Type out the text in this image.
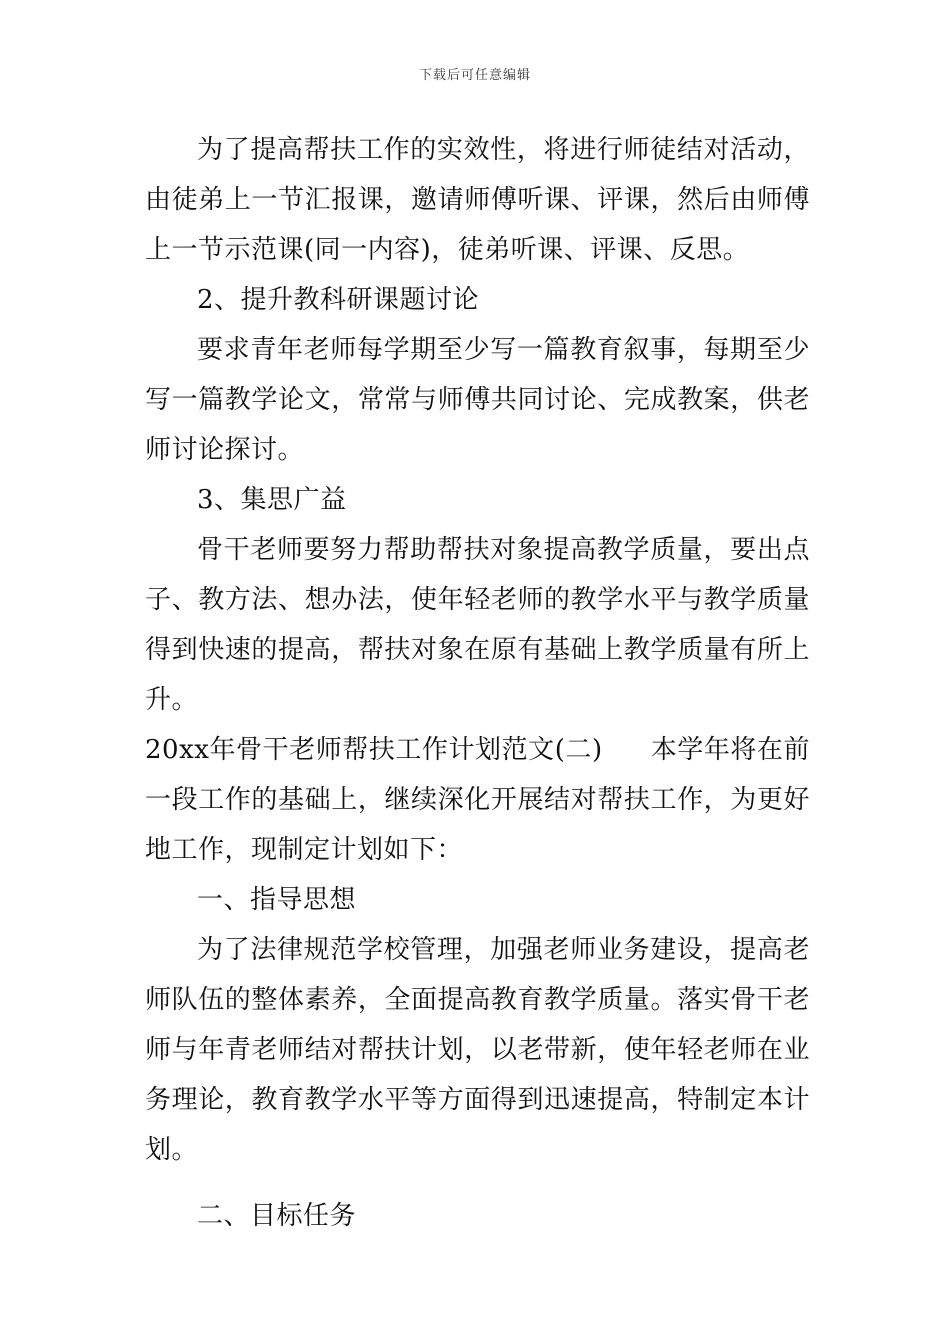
下载后可任意编辑

为了提高帮扶工作的实效性，将进行师徒结对活动，由徒弟上一节汇报课，邀请师傅听课、评课，然后由师傅上一节示范课(同一内容)，徒弟听课、评课、反思。

2、提升教科研课题讨论

要求青年老师每学期至少写一篇教育叙事，每期至少写一篇教学论文，常常与师傅共同讨论、完成教案，供老师讨论探讨。

3、集思广益

骨干老师要努力帮助帮扶对象提高教学质量，要出点子、教方法、想办法，使年轻老师的教学水平与教学质量得到快速的提高，帮扶对象在原有基础上教学质量有所上升。

20xx年骨干老师帮扶工作计划范文(二) 本学年将在前一段工作的基础上，继续深化开展结对帮扶工作，为更好地工作，现制定计划如下：

一、指导思想

为了法律规范学校管理，加强老师业务建设，提高老师队伍的整体素养，全面提高教育教学质量。落实骨干老师与年青老师结对帮扶计划，以老带新，使年轻老师在业务理论，教育教学水平等方面得到迅速提高，特制定本计划。

二、目标任务
